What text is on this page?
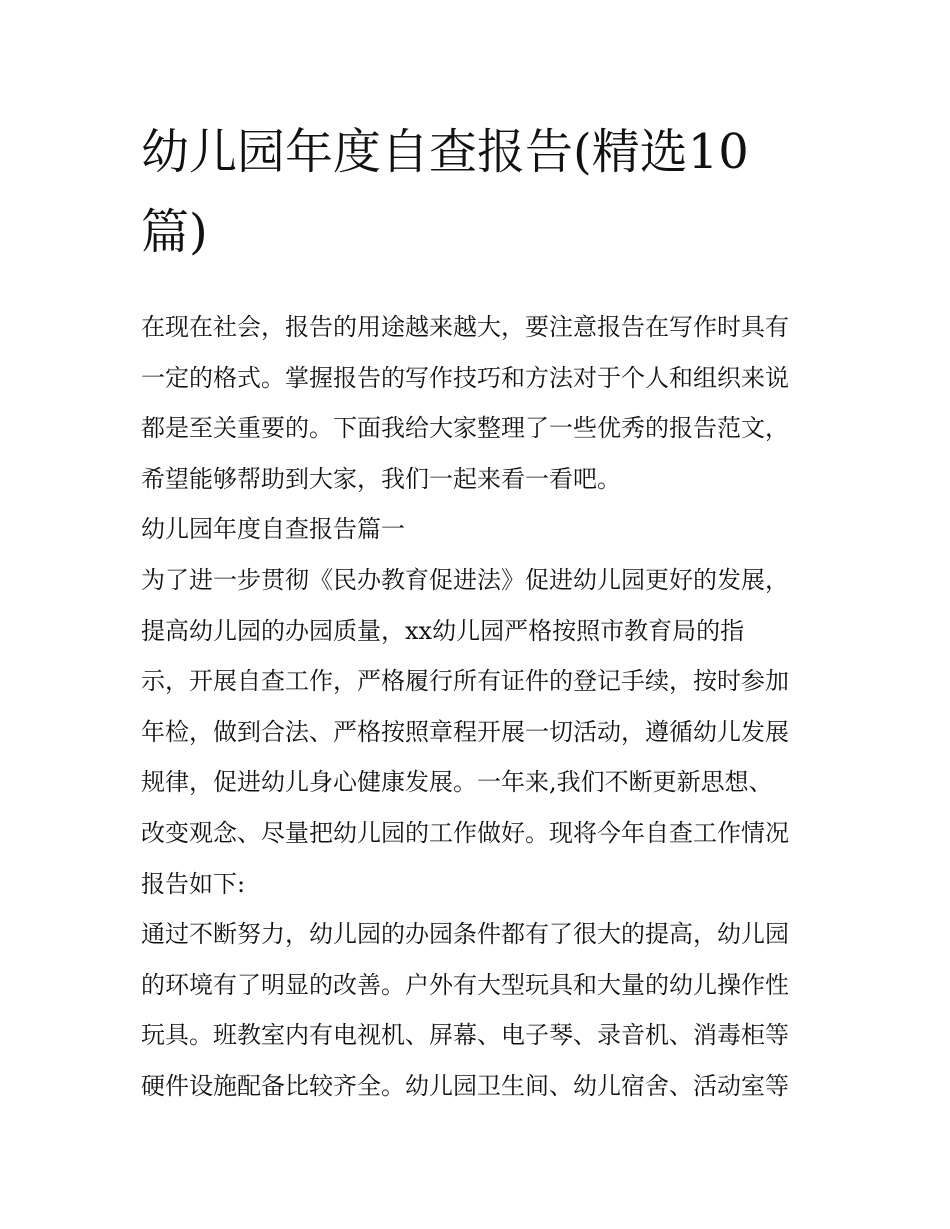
幼儿园年度自查报告(精选10
篇)
在现在社会，报告的用途越来越大，要注意报告在写作时具有
一定的格式。掌握报告的写作技巧和方法对于个人和组织来说
都是至关重要的。下面我给大家整理了一些优秀的报告范文，
希望能够帮助到大家，我们一起来看一看吧。
幼儿园年度自查报告篇一
为了进一步贯彻《民办教育促进法》促进幼儿园更好的发展，
提高幼儿园的办园质量，xx幼儿园严格按照市教育局的指
示，开展自查工作，严格履行所有证件的登记手续，按时参加
年检，做到合法、严格按照章程开展一切活动，遵循幼儿发展
规律，促进幼儿身心健康发展。一年来,我们不断更新思想、
改变观念、尽量把幼儿园的工作做好。现将今年自查工作情况
报告如下:
通过不断努力，幼儿园的办园条件都有了很大的提高，幼儿园
的环境有了明显的改善。户外有大型玩具和大量的幼儿操作性
玩具。班教室内有电视机、屏幕、电子琴、录音机、消毒柜等
硬件设施配备比较齐全。幼儿园卫生间、幼儿宿舍、活动室等
